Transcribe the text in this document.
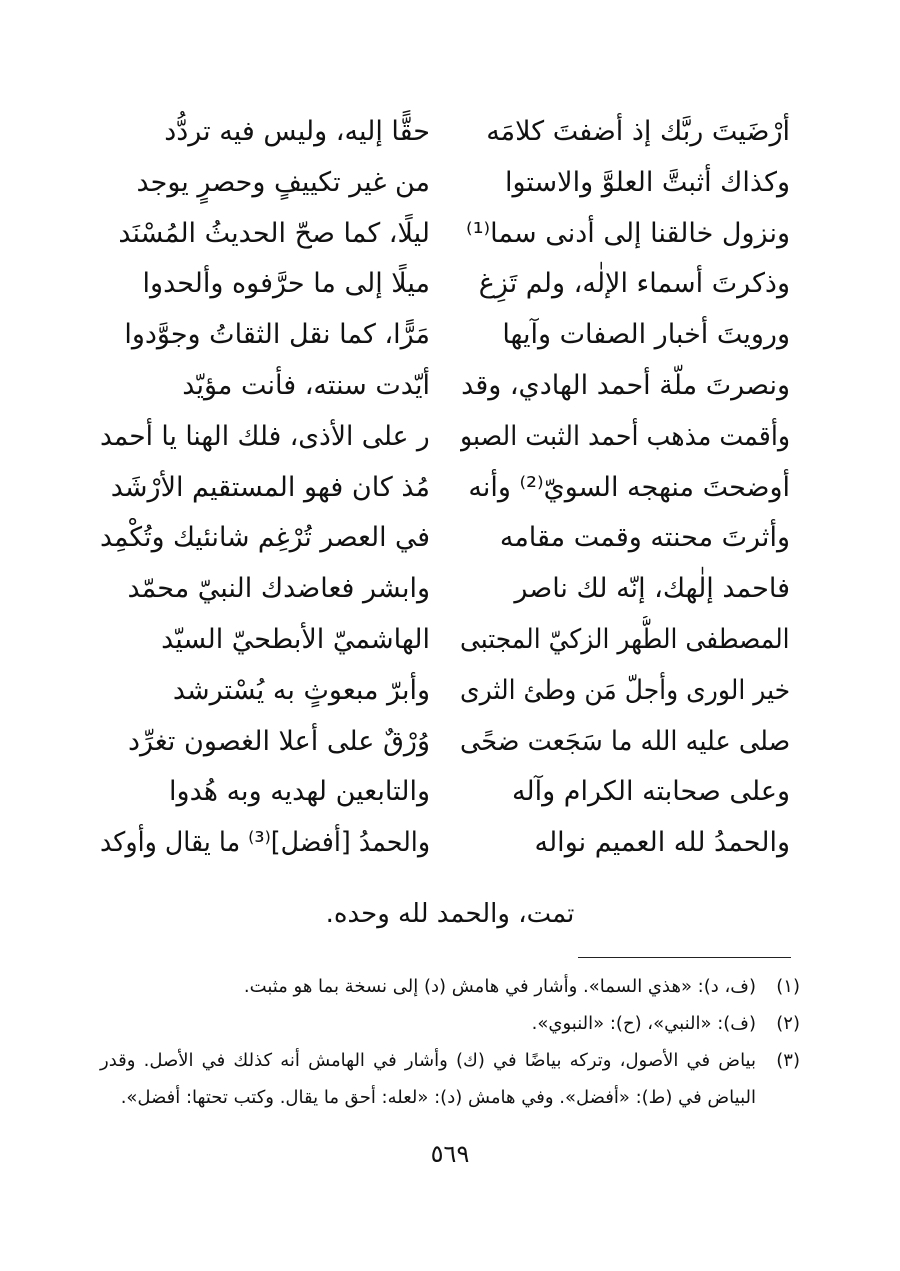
أرْضَيتَ ربَّك إذ أضفتَ كلامَه
حقًّا إليه، وليس فيه تردُّد
وكذاك أثبتَّ العلوَّ والاستوا
من غير تكييفٍ وحصرٍ يوجد
ونزول خالقنا إلى أدنى سما⁽¹⁾
ليلًا، كما صحّ الحديثُ المُسْنَد
وذكرتَ أسماء الإلٰه، ولم تَزِغ
ميلًا إلى ما حرَّفوه وألحدوا
ورويتَ أخبار الصفات وآيها
مَرًّا، كما نقل الثقاتُ وجوَّدوا
ونصرتَ ملّة أحمد الهادي، وقد
أيّدت سنته، فأنت مؤيّد
وأقمت مذهب أحمد الثبت الصبو
ر على الأذى، فلك الهنا يا أحمد
أوضحتَ منهجه السويّ⁽²⁾ وأنه
مُذ كان فهو المستقيم الأرْشَد
وأثرتَ محنته وقمت مقامه
في العصر تُرْغِم شانئيك وتُكْمِد
فاحمد إلٰهك، إنّه لك ناصر
وابشر فعاضدك النبيّ محمّد
المصطفى الطُّهر الزكيّ المجتبى
الهاشميّ الأبطحيّ السيّد
خير الورى وأجلّ مَن وطئ الثرى
وأبرّ مبعوثٍ به يُسْترشد
صلى عليه الله ما سَجَعت ضحًى
وُرْقٌ على أعلا الغصون تغرِّد
وعلى صحابته الكرام وآله
والتابعين لهديه وبه هُدوا
والحمدُ لله العميم نواله
والحمدُ [أفضل]⁽³⁾ ما يقال وأوكد
تمت، والحمد لله وحده.
(١)
(ف، د): «هذي السما». وأشار في هامش (د) إلى نسخة بما هو مثبت.
(٢)
(ف): «النبي»، (ح): «النبوي».
(٣)
بياض في الأصول، وتركه بياضًا في (ك) وأشار في الهامش أنه كذلك في الأصل. وقدر البياض في (ط): «أفضل». وفي هامش (د): «لعله: أحق ما يقال. وكتب تحتها: أفضل».
٥٦٩
